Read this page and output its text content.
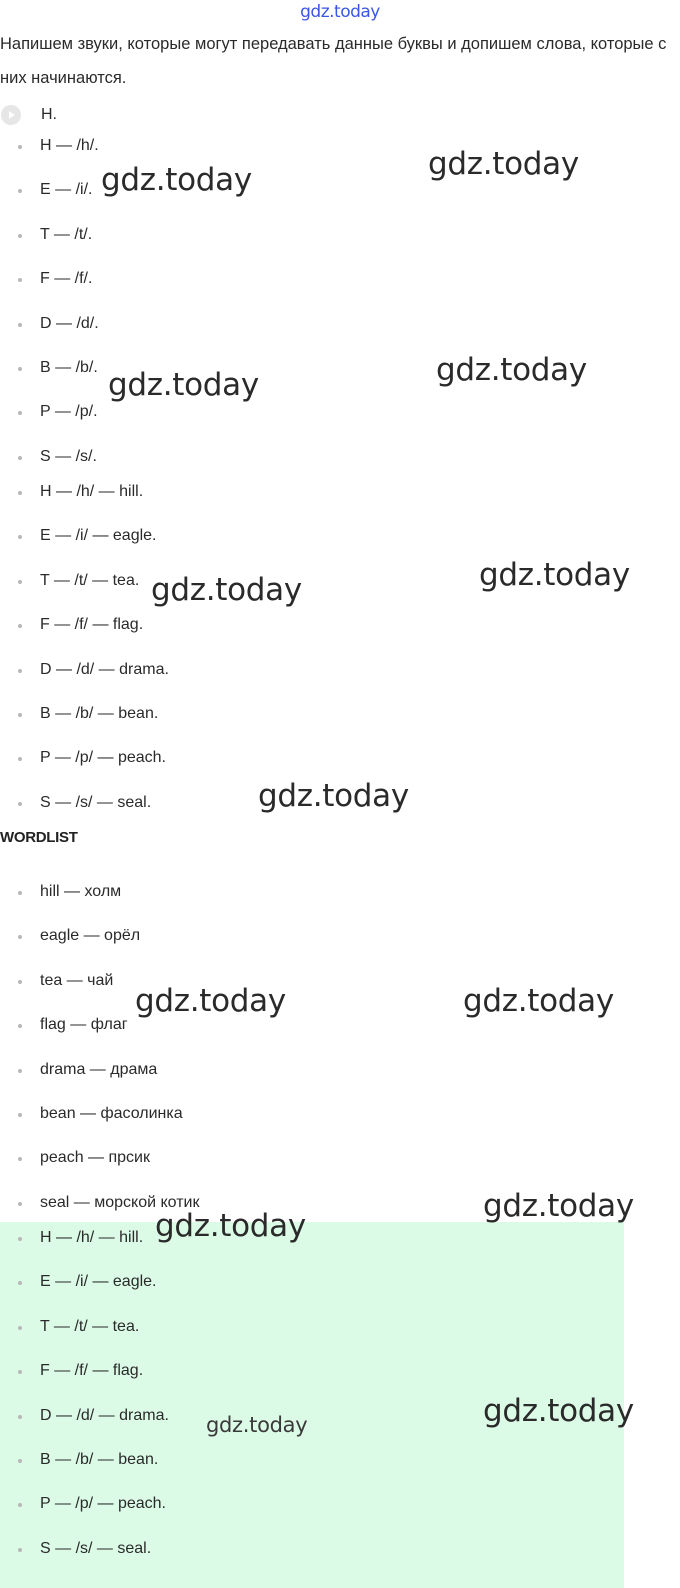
gdz.today
Напишем звуки, которые могут передавать данные буквы и допишем слова, которые с них начинаются.
H.
H — /h/.
E — /i/.
T — /t/.
F — /f/.
D — /d/.
B — /b/.
P — /p/.
S — /s/.
H — /h/ — hill.
E — /i/ — eagle.
T — /t/ — tea.
F — /f/ — flag.
D — /d/ — drama.
B — /b/ — bean.
P — /p/ — peach.
S — /s/ — seal.
WORDLIST
hill — холм
eagle — орёл
tea — чай
flag — флаг
drama — драма
bean — фасолинка
peach — прсик
seal — морской котик
H — /h/ — hill.
E — /i/ — eagle.
T — /t/ — tea.
F — /f/ — flag.
D — /d/ — drama.
B — /b/ — bean.
P — /p/ — peach.
S — /s/ — seal.
gdz.today
gdz.today
gdz.today
gdz.today
gdz.today
gdz.today
gdz.today
gdz.today	gdz.today
gdz.today
gdz.today
gdz.today
gdz.today
